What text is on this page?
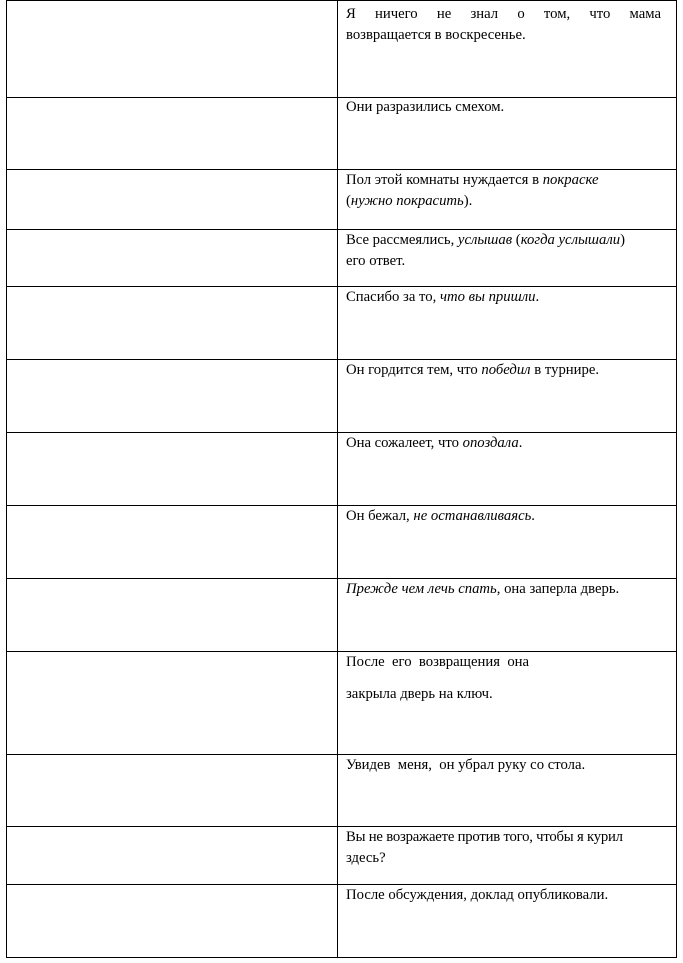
Я ничего не знал о том, что мама
возвращается в воскресенье.
Они разразились смехом.
Пол этой комнаты нуждается в покраске
(нужно покрасить).
Все рассмеялись, услышав (когда услышали)
его ответ.
Спасибо за то, что вы пришли.
Он гордится тем, что победил в турнире.
Она сожалеет, что опоздала.
Он бежал, не останавливаясь.
Прежде чем лечь спать, она заперла дверь.
После  его  возвращения  она
закрыла дверь на ключ.
Увидев  меня,  он убрал руку со стола.
Вы не возражаете против того, чтобы я курил
здесь?
После обсуждения, доклад опубликовали.
